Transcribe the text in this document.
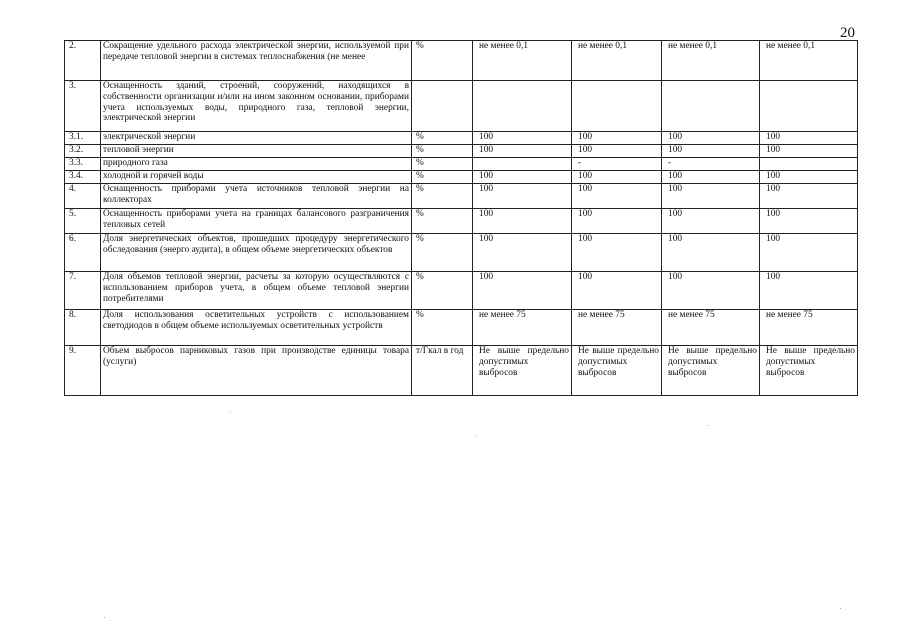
20
2.	Сокращение удельного расхода электрической энергии, используемой при передаче тепловой энергии в системах теплоснабжения (не менее	%	не менее 0,1	не менее 0,1	не менее 0,1	не менее 0,1
3.	Оснащенность зданий, строений, сооружений, находящихся в собственности организации и/или на ином законном основании, приборами учета используемых воды, природного газа, тепловой энергии, электрической энергии					
3.1.	электрической энергии	%	100	100	100	100
3.2.	тепловой энергии	%	100	100	100	100
3.3.	природного газа	%		-	-	
3.4.	холодной и горячей воды	%	100	100	100	100
4.	Оснащенность приборами учета источников тепловой энергии на коллекторах	%	100	100	100	100
5.	Оснащенность приборами учета на границах балансового разграничения тепловых сетей	%	100	100	100	100
6.	Доля энергетических объектов, прошедших процедуру энергетического обследования (энерго аудита), в общем объеме энергетических объектов	%	100	100	100	100
7.	Доля объемов тепловой энергии, расчеты за которую осуществляются с использованием приборов учета, в общем объеме тепловой энергии потребителями	%	100	100	100	100
8.	Доля использования осветительных устройств с использованием светодиодов в общем объеме используемых осветительных устройств	%	не менее 75	не менее 75	не менее 75	не менее 75
9.	Объем выбросов парниковых газов при производстве единицы товара (услуги)	т/Гкал в год	Не выше предельно допустимых выбросов	Не выше предельно допустимых выбросов	Не выше предельно допустимых выбросов	Не выше предельно допустимых выбросов
